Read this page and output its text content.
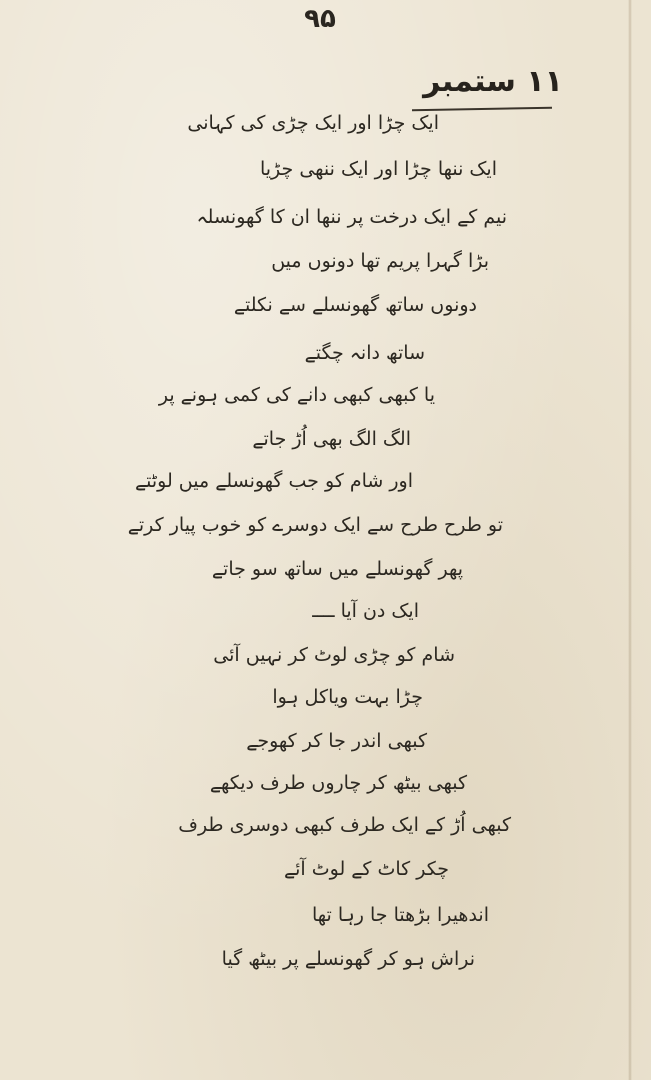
۹۵
۱۱ ستمبر
ایک چڑا اور ایک چڑی کی کہانی
ایک ننھا چڑا اور ایک ننھی چڑیا
نیم کے ایک درخت پر ننھا ان کا گھونسلہ
بڑا گہرا پریم تھا دونوں میں
دونوں ساتھ گھونسلے سے نکلتے
ساتھ دانہ چگتے
یا کبھی کبھی دانے کی کمی ہونے پر
الگ الگ بھی اُڑ جاتے
اور شام کو جب گھونسلے میں لوٹتے
تو طرح طرح سے ایک دوسرے کو خوب پیار کرتے
پھر گھونسلے میں ساتھ سو جاتے
ایک دن آیا ــــ
شام کو چڑی لوٹ کر نہیں آئی
چڑا بہت ویاکل ہوا
کبھی اندر جا کر کھوجے
کبھی بیٹھ کر چاروں طرف دیکھے
کبھی اُڑ کے ایک طرف کبھی دوسری طرف
چکر کاٹ کے لوٹ آئے
اندھیرا بڑھتا جا رہا تھا
نراش ہو کر گھونسلے پر بیٹھ گیا
